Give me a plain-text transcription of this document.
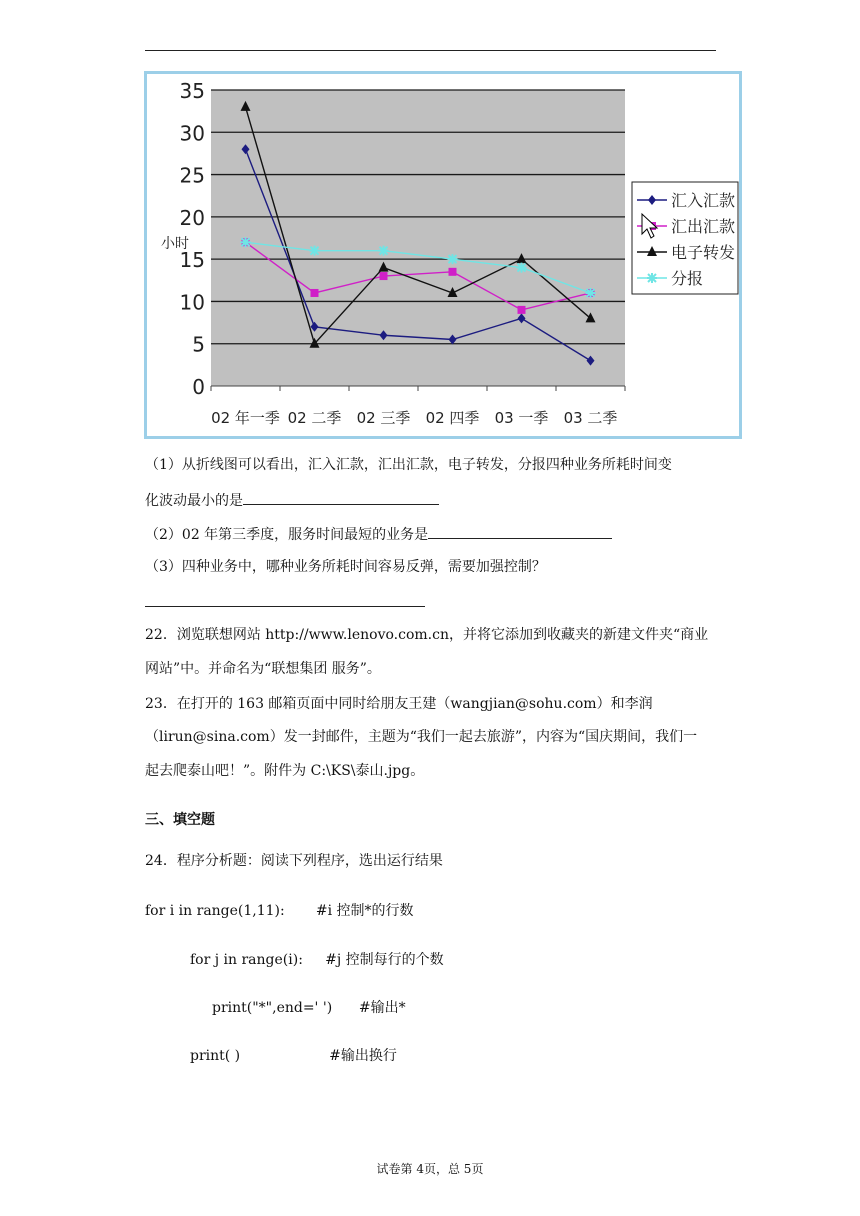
0
5
10
15
20
25
30
35
02 年一季 02 二季 02 三季 02 四季 03 一季 03 二季
小时
汇入汇款
汇出汇款
电子转发
分报
（1）从折线图可以看出，汇入汇款，汇出汇款，电子转发，分报四种业务所耗时间变
化波动最小的是
（2）02 年第三季度，服务时间最短的业务是
（3）四种业务中，哪种业务所耗时间容易反弹，需要加强控制？
22．浏览联想网站 http://www.lenovo.com.cn，并将它添加到收藏夹的新建文件夹“商业
网站”中。并命名为“联想集团 服务”。
23．在打开的 163 邮箱页面中同时给朋友王建（wangjian@sohu.com）和李润
（lirun@sina.com）发一封邮件，主题为“我们一起去旅游”，内容为“国庆期间，我们一
起去爬泰山吧！”。附件为 C:\KS\泰山.jpg。
三、填空题
24．程序分析题：阅读下列程序，选出运行结果
for i in range(1,11):       #i 控制*的行数
for j in range(i):     #j 控制每行的个数
print("*",end=' ')      #输出*
print( )                    #输出换行
试卷第 4页，总 5页
